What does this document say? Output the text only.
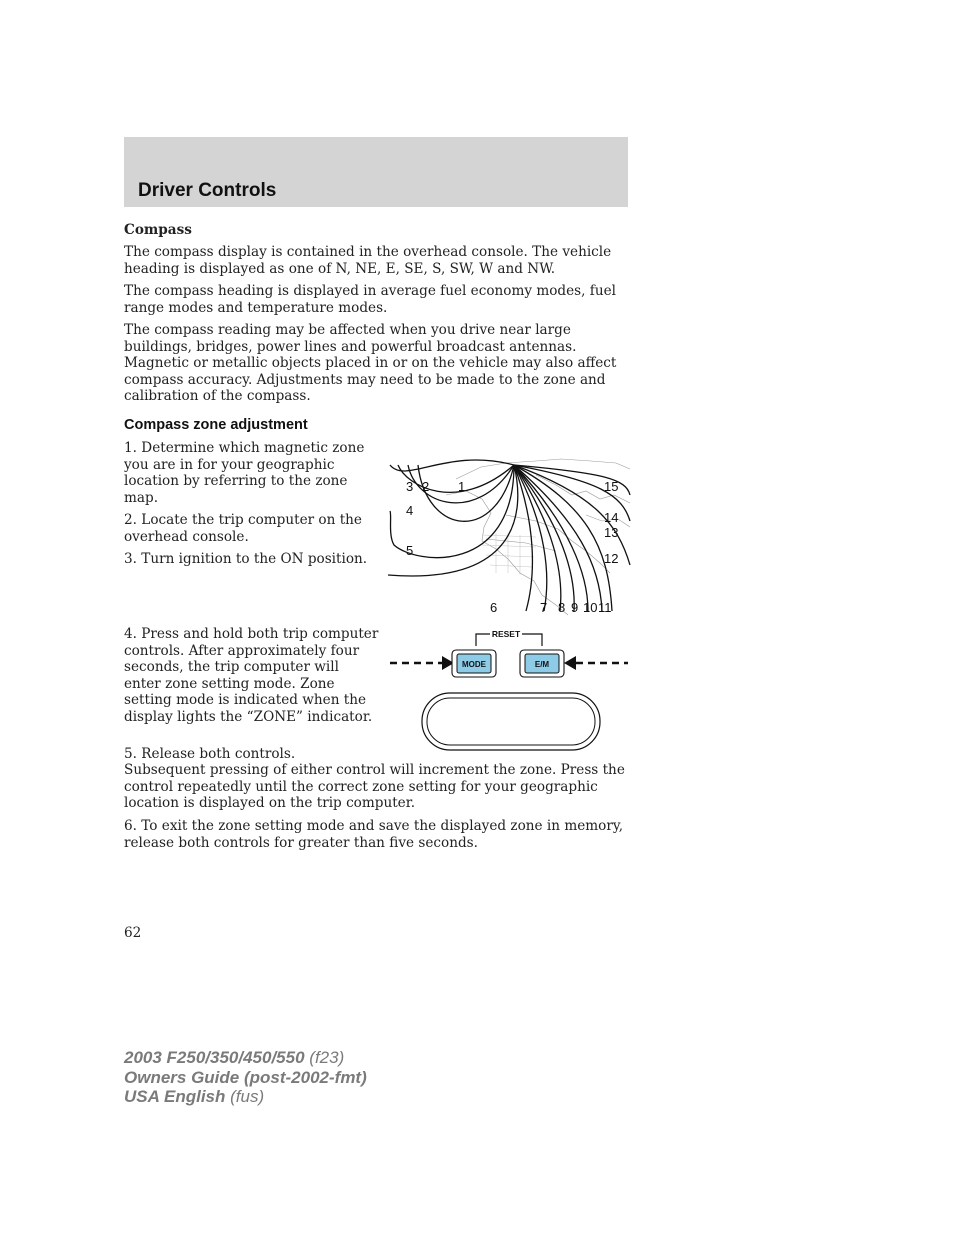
Driver Controls
Compass

The compass display is contained in the overhead console. The vehicle heading is displayed as one of N, NE, E, SE, S, SW, W and NW.

The compass heading is displayed in average fuel economy modes, fuel range modes and temperature modes.

The compass reading may be affected when you drive near large buildings, bridges, power lines and powerful broadcast antennas. Magnetic or metallic objects placed in or on the vehicle may also affect compass accuracy. Adjustments may need to be made to the zone and calibration of the compass.

Compass zone adjustment

1. Determine which magnetic zone you are in for your geographic location by referring to the zone map.

2. Locate the trip computer on the overhead console.

3. Turn ignition to the ON position.

3 2 1
4
5
6	7 8 9 10 11
12
13
14
15

4. Press and hold both trip computer controls. After approximately four seconds, the trip computer will enter zone setting mode. Zone setting mode is indicated when the display lights the “ZONE” indicator.

RESET
MODE	E/M

5. Release both controls.

Subsequent pressing of either control will increment the zone. Press the control repeatedly until the correct zone setting for your geographic location is displayed on the trip computer.

6. To exit the zone setting mode and save the displayed zone in memory, release both controls for greater than five seconds.

62
2003 F250/350/450/550 (f23)
Owners Guide (post-2002-fmt)
USA English (fus)
